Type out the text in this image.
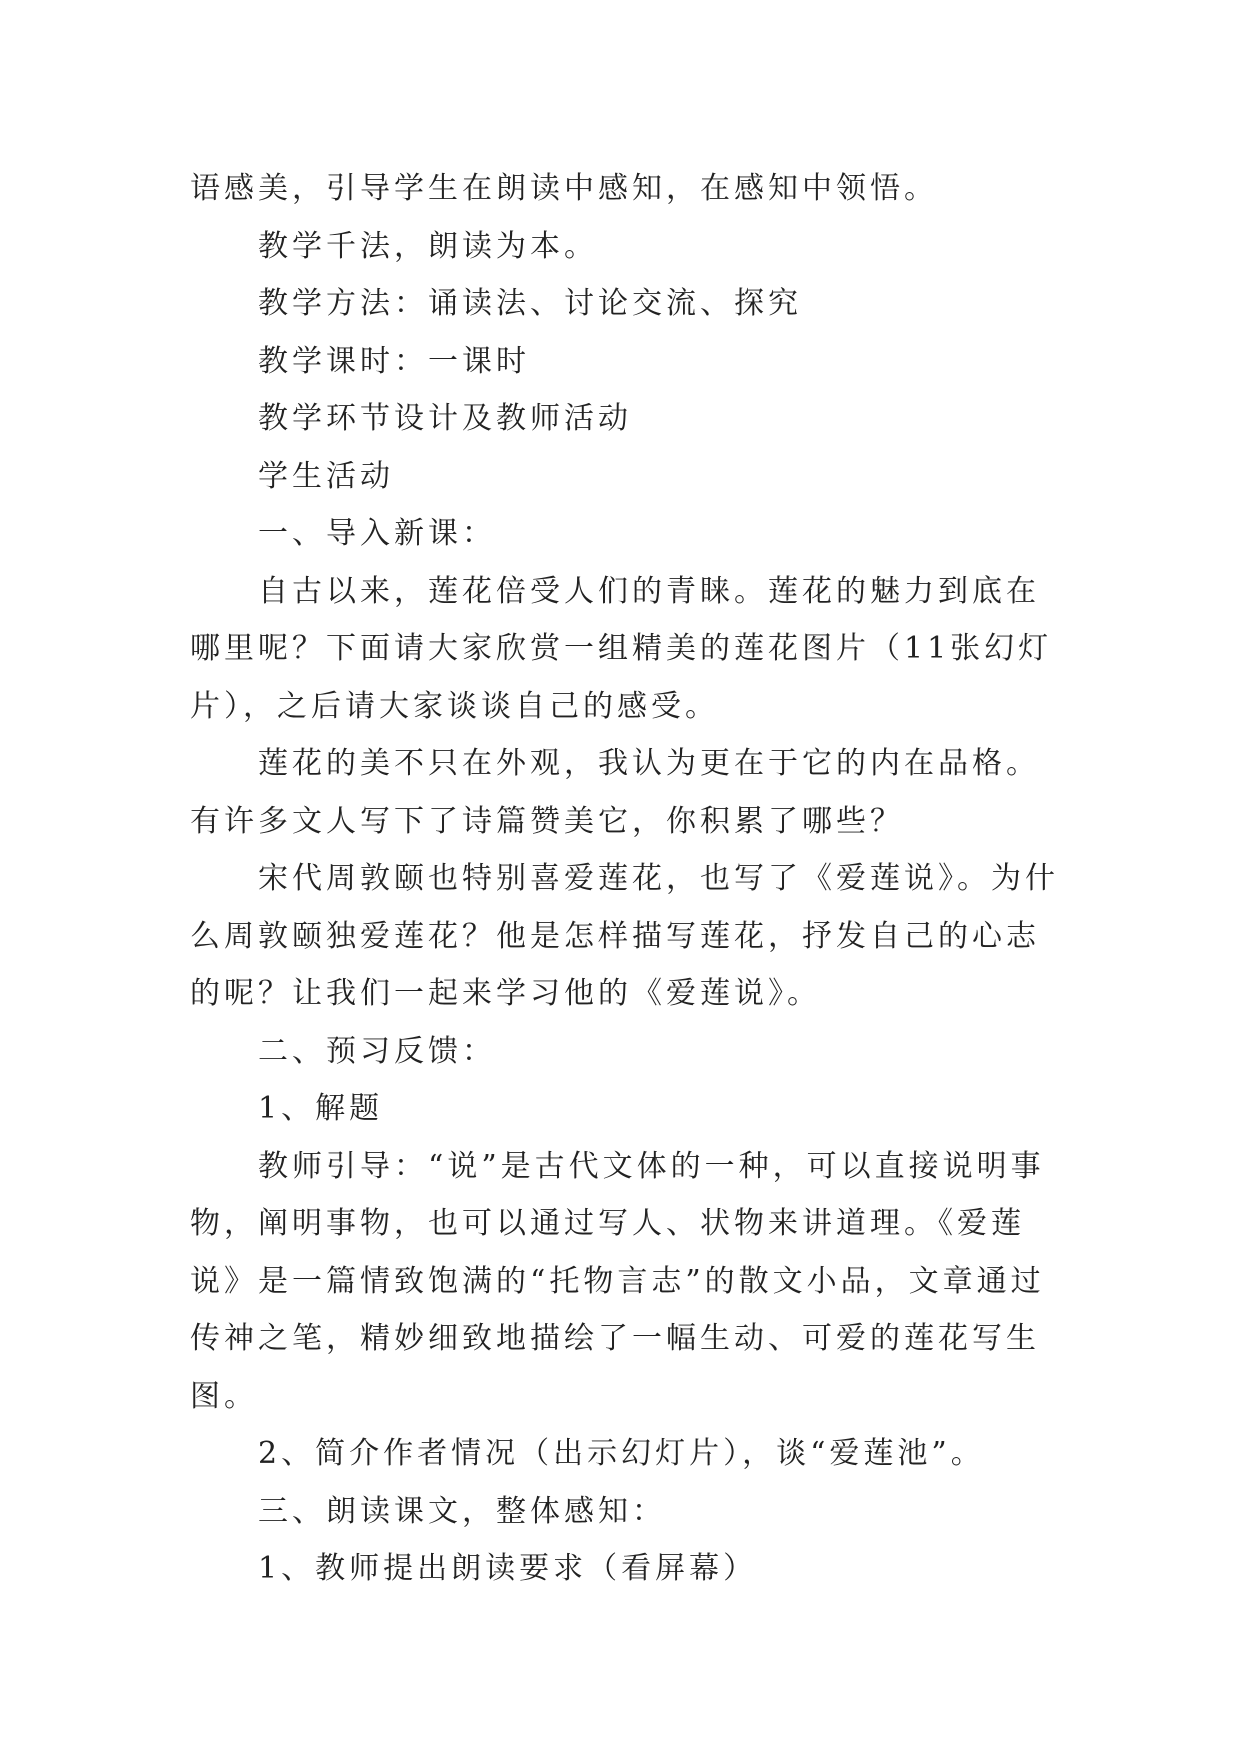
语感美，引导学生在朗读中感知，在感知中领悟。

教学千法，朗读为本。

教学方法：诵读法、讨论交流、探究

教学课时：一课时

教学环节设计及教师活动

学生活动

一、导入新课：

自古以来，莲花倍受人们的青睐。莲花的魅力到底在哪里呢？下面请大家欣赏一组精美的莲花图片（11张幻灯片），之后请大家谈谈自己的感受。

莲花的美不只在外观，我认为更在于它的内在品格。有许多文人写下了诗篇赞美它，你积累了哪些？

宋代周敦颐也特别喜爱莲花，也写了《爱莲说》。为什么周敦颐独爱莲花？他是怎样描写莲花，抒发自己的心志的呢？让我们一起来学习他的《爱莲说》。

二、预习反馈：

1、解题

教师引导：“说”是古代文体的一种，可以直接说明事物，阐明事物，也可以通过写人、状物来讲道理。《爱莲说》是一篇情致饱满的“托物言志”的散文小品，文章通过传神之笔，精妙细致地描绘了一幅生动、可爱的莲花写生图。

2、简介作者情况（出示幻灯片），谈“爱莲池”。

三、朗读课文，整体感知：

1、教师提出朗读要求（看屏幕）
